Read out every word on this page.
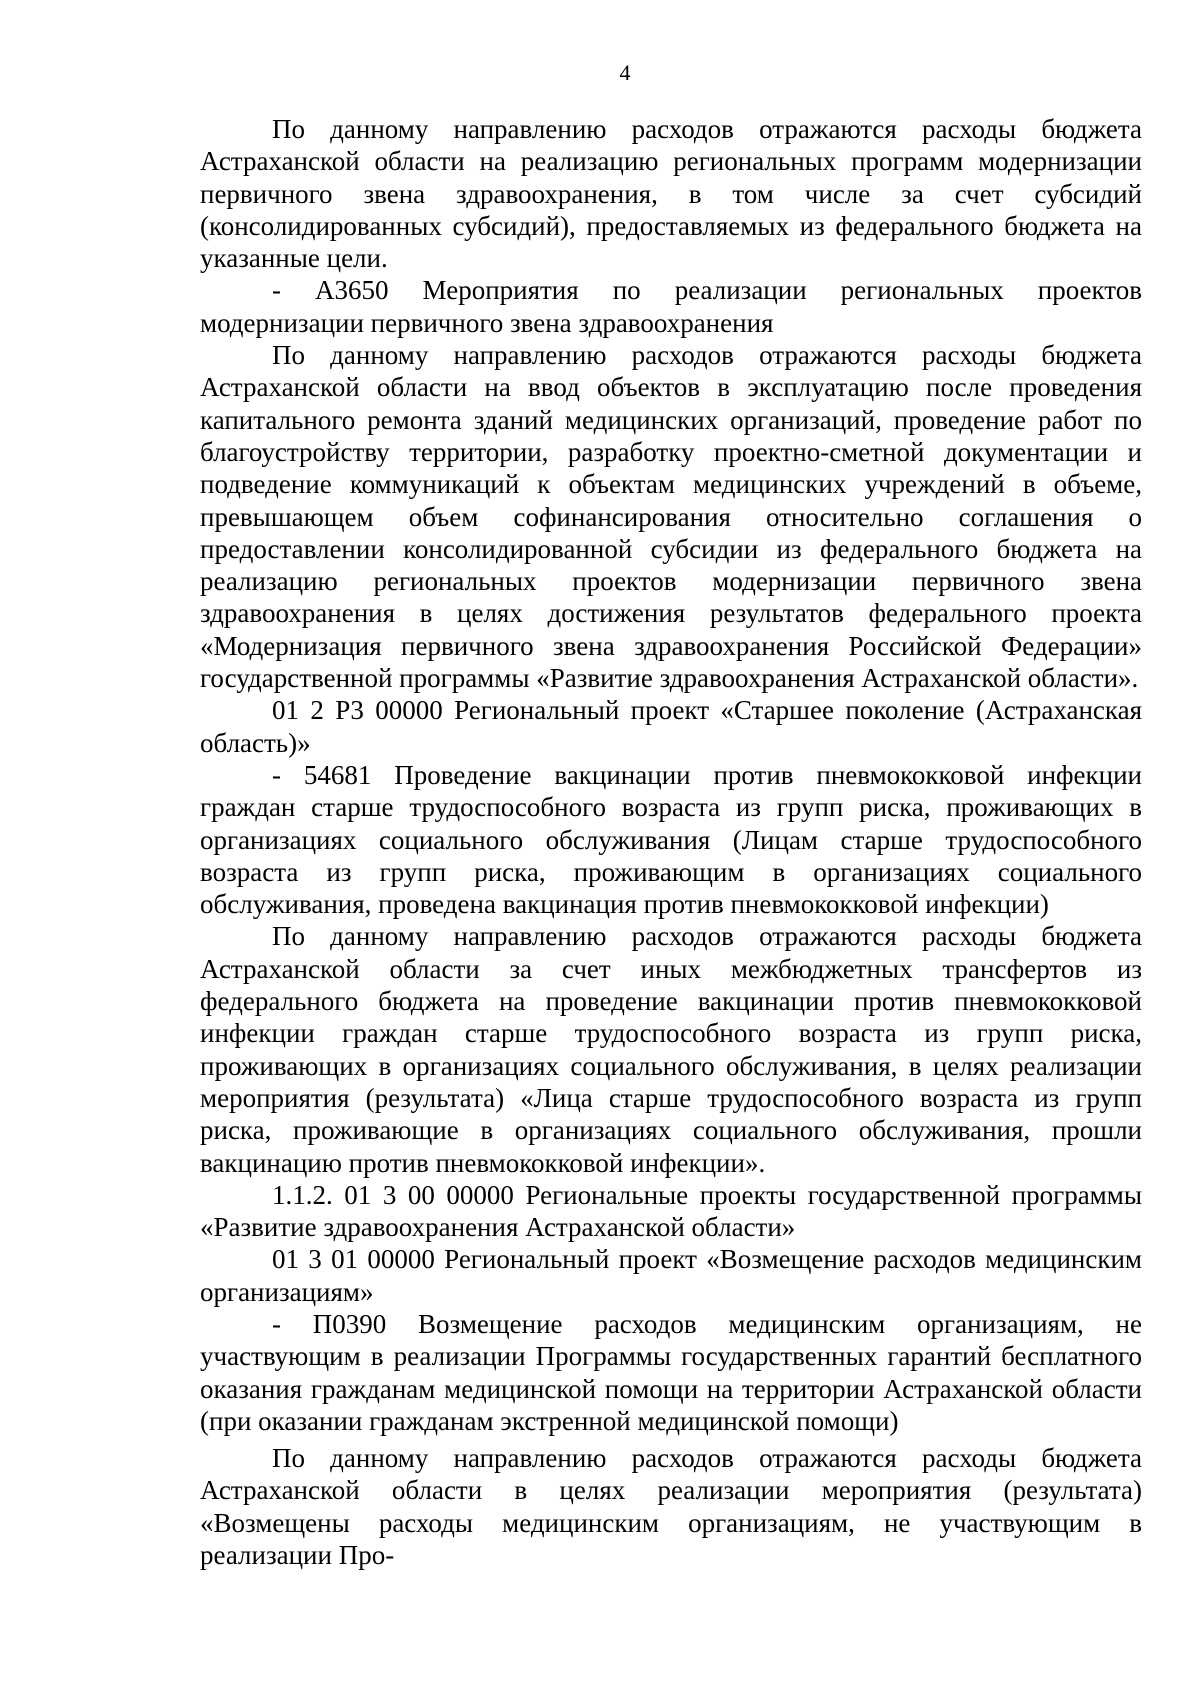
4

По данному направлению расходов отражаются расходы бюджета Астраханской области на реализацию региональных программ модернизации первичного звена здравоохранения, в том числе за счет субсидий (консолидированных субсидий), предоставляемых из федерального бюджета на указанные цели.

- А3650 Мероприятия по реализации региональных проектов модернизации первичного звена здравоохранения

По данному направлению расходов отражаются расходы бюджета Астраханской области на ввод объектов в эксплуатацию после проведения капитального ремонта зданий медицинских организаций, проведение работ по благоустройству территории, разработку проектно-сметной документации и подведение коммуникаций к объектам медицинских учреждений в объеме, превышающем объем софинансирования относительно соглашения о предоставлении консолидированной субсидии из федерального бюджета на реализацию региональных проектов модернизации первичного звена здравоохранения в целях достижения результатов федерального проекта «Модернизация первичного звена здравоохранения Российской Федерации» государственной программы «Развитие здравоохранения Астраханской области».

01 2 Р3 00000 Региональный проект «Старшее поколение (Астраханская область)»

- 54681 Проведение вакцинации против пневмококковой инфекции граждан старше трудоспособного возраста из групп риска, проживающих в организациях социального обслуживания (Лицам старше трудоспособного возраста из групп риска, проживающим в организациях социального обслуживания, проведена вакцинация против пневмококковой инфекции)

По данному направлению расходов отражаются расходы бюджета Астраханской области за счет иных межбюджетных трансфертов из федерального бюджета на проведение вакцинации против пневмококковой инфекции граждан старше трудоспособного возраста из групп риска, проживающих в организациях социального обслуживания, в целях реализации мероприятия (результата) «Лица старше трудоспособного возраста из групп риска, проживающие в организациях социального обслуживания, прошли вакцинацию против пневмококковой инфекции».

1.1.2. 01 3 00 00000 Региональные проекты государственной программы «Развитие здравоохранения Астраханской области»

01 3 01 00000 Региональный проект «Возмещение расходов медицинским организациям»

- П0390 Возмещение расходов медицинским организациям, не участвующим в реализации Программы государственных гарантий бесплатного оказания гражданам медицинской помощи на территории Астраханской области (при оказании гражданам экстренной медицинской помощи)

По данному направлению расходов отражаются расходы бюджета Астраханской области в целях реализации мероприятия (результата) «Возмещены расходы медицинским организациям, не участвующим в реализации Про-
